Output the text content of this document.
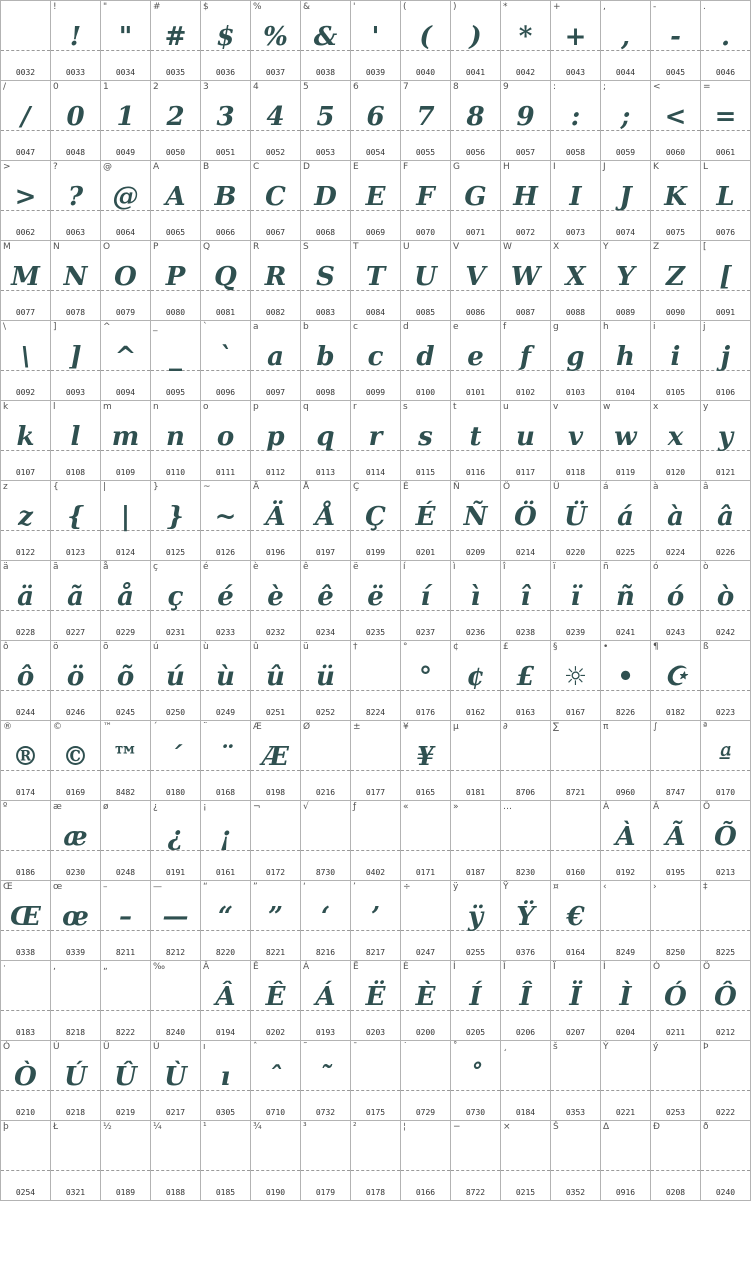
0032
!
!
0033
"
"
0034
#
#
0035
$
$
0036
%
%
0037
&
&
0038
'
'
0039
(
(
0040
)
)
0041
*
*
0042
+
+
0043
,
,
0044
-
-
0045
.
.
0046
/
/
0047
0
0
0048
1
1
0049
2
2
0050
3
3
0051
4
4
0052
5
5
0053
6
6
0054
7
7
0055
8
8
0056
9
9
0057
:
:
0058
;
;
0059
<
<
0060
=
=
0061
>
>
0062
?
?
0063
@
@
0064
A
A
0065
B
B
0066
C
C
0067
D
D
0068
E
E
0069
F
F
0070
G
G
0071
H
H
0072
I
I
0073
J
J
0074
K
K
0075
L
L
0076
M
M
0077
N
N
0078
O
O
0079
P
P
0080
Q
Q
0081
R
R
0082
S
S
0083
T
T
0084
U
U
0085
V
V
0086
W
W
0087
X
X
0088
Y
Y
0089
Z
Z
0090
[
[
0091
\
\
0092
]
]
0093
^
^
0094
_
_
0095
`
`
0096
a
a
0097
b
b
0098
c
c
0099
d
d
0100
e
e
0101
f
f
0102
g
g
0103
h
h
0104
i
i
0105
j
j
0106
k
k
0107
l
l
0108
m
m
0109
n
n
0110
o
o
0111
p
p
0112
q
q
0113
r
r
0114
s
s
0115
t
t
0116
u
u
0117
v
v
0118
w
w
0119
x
x
0120
y
y
0121
z
z
0122
{
{
0123
|
|
0124
}
}
0125
~
~
0126
Ä
Ä
0196
Å
Å
0197
Ç
Ç
0199
É
É
0201
Ñ
Ñ
0209
Ö
Ö
0214
Ü
Ü
0220
á
á
0225
à
à
0224
â
â
0226
ä
ä
0228
ã
ã
0227
å
å
0229
ç
ç
0231
é
é
0233
è
è
0232
ê
ê
0234
ë
ë
0235
í
í
0237
ì
ì
0236
î
î
0238
ï
ï
0239
ñ
ñ
0241
ó
ó
0243
ò
ò
0242
ô
ô
0244
ö
ö
0246
õ
õ
0245
ú
ú
0250
ù
ù
0249
û
û
0251
ü
ü
0252
†
8224
°
°
0176
¢
¢
0162
£
£
0163
§
☼
0167
•
•
8226
¶
☪
0182
ß
0223
®
®
0174
©
©
0169
™
™
8482
´
´
0180
¨
¨
0168
Æ
Æ
0198
Ø
0216
±
0177
¥
¥
0165
µ
0181
∂
8706
∑
8721
π
0960
∫
8747
ª
ª
0170
º
0186
æ
æ
0230
ø
0248
¿
¿
0191
¡
¡
0161
¬
0172
√
8730
ƒ
0402
«
0171
»
0187
…
8230	0160
À
À
0192
Ã
Ã
0195
Õ
Õ
0213
Œ
Œ
0338
œ
œ
0339
–
–
8211
—
—
8212
“
“
8220
”
”
8221
‘
‘
8216
’
’
8217
÷
0247
ÿ
ÿ
0255
Ÿ
Ÿ
0376
¤
€
0164
‹
8249
›
8250
‡
8225
·
0183
‚
8218
„
8222
‰
8240
Â
Â
0194
Ê
Ê
0202
Á
Á
0193
Ë
Ë
0203
È
È
0200
Í
Í
0205
Î
Î
0206
Ï
Ï
0207
Ì
Ì
0204
Ó
Ó
0211
Ô
Ô
0212
Ò
Ò
0210
Ú
Ú
0218
Û
Û
0219
Ù
Ù
0217
ı
ı
0305
ˆ
ˆ
0710
˜
˜
0732
¯
0175
˙
0729
˚
˚
0730
¸
0184
š
0353
Ý
0221
ý
0253
Þ
0222
þ
0254
Ł
0321
½
0189
¼
0188
¹
0185
¾
0190
³
0179
²
0178
¦
0166
−
8722
×
0215
Š
0352
Δ
0916
Ð
0208
ð
0240
